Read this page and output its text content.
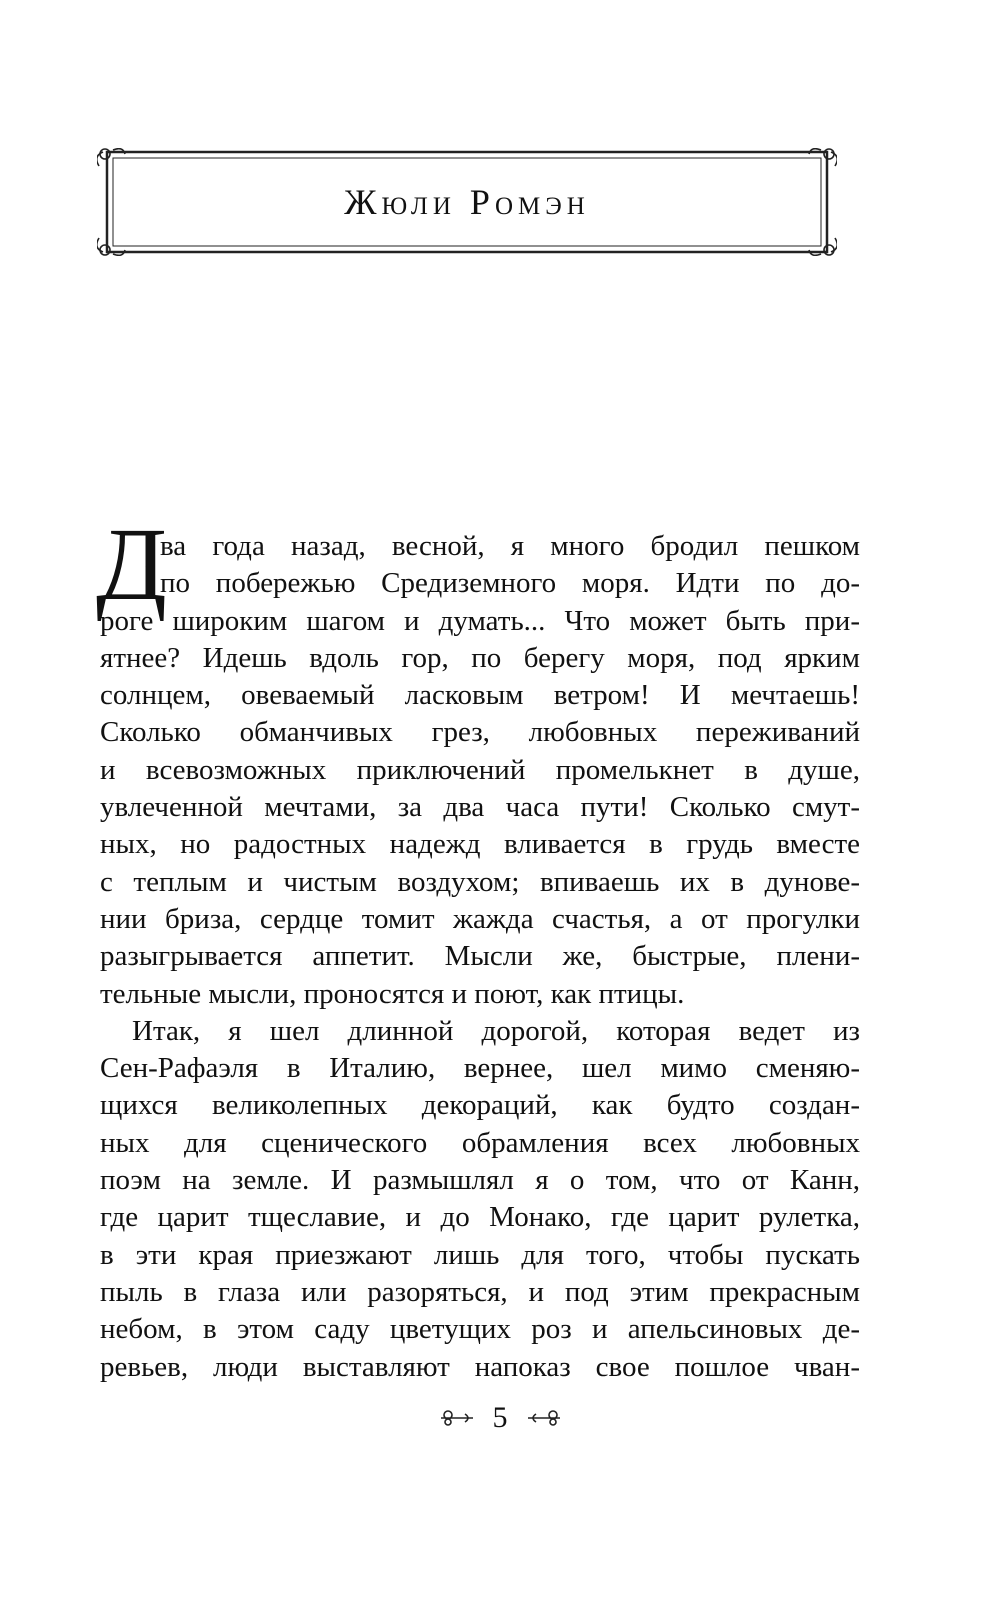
Жюли Ромэн
Д
ва года назад, весной, я много бродил пешком
по побережью Средиземного моря. Идти по до-
роге широким шагом и думать... Что может быть при-
ятнее? Идешь вдоль гор, по берегу моря, под ярким
солнцем, овеваемый ласковым ветром! И мечтаешь!
Сколько обманчивых грез, любовных переживаний
и всевозможных приключений промелькнет в душе,
увлеченной мечтами, за два часа пути! Сколько смут-
ных, но радостных надежд вливается в грудь вместе
с теплым и чистым воздухом; впиваешь их в дунове-
нии бриза, сердце томит жажда счастья, а от прогулки
разыгрывается аппетит. Мысли же, быстрые, плени-
тельные мысли, проносятся и поют, как птицы.
Итак, я шел длинной дорогой, которая ведет из
Сен-Рафаэля в Италию, вернее, шел мимо сменяю-
щихся великолепных декораций, как будто создан-
ных для сценического обрамления всех любовных
поэм на земле. И размышлял я о том, что от Канн,
где царит тщеславие, и до Монако, где царит рулетка,
в эти края приезжают лишь для того, чтобы пускать
пыль в глаза или разоряться, и под этим прекрасным
небом, в этом саду цветущих роз и апельсиновых де-
ревьев, люди выставляют напоказ свое пошлое чван-
5
